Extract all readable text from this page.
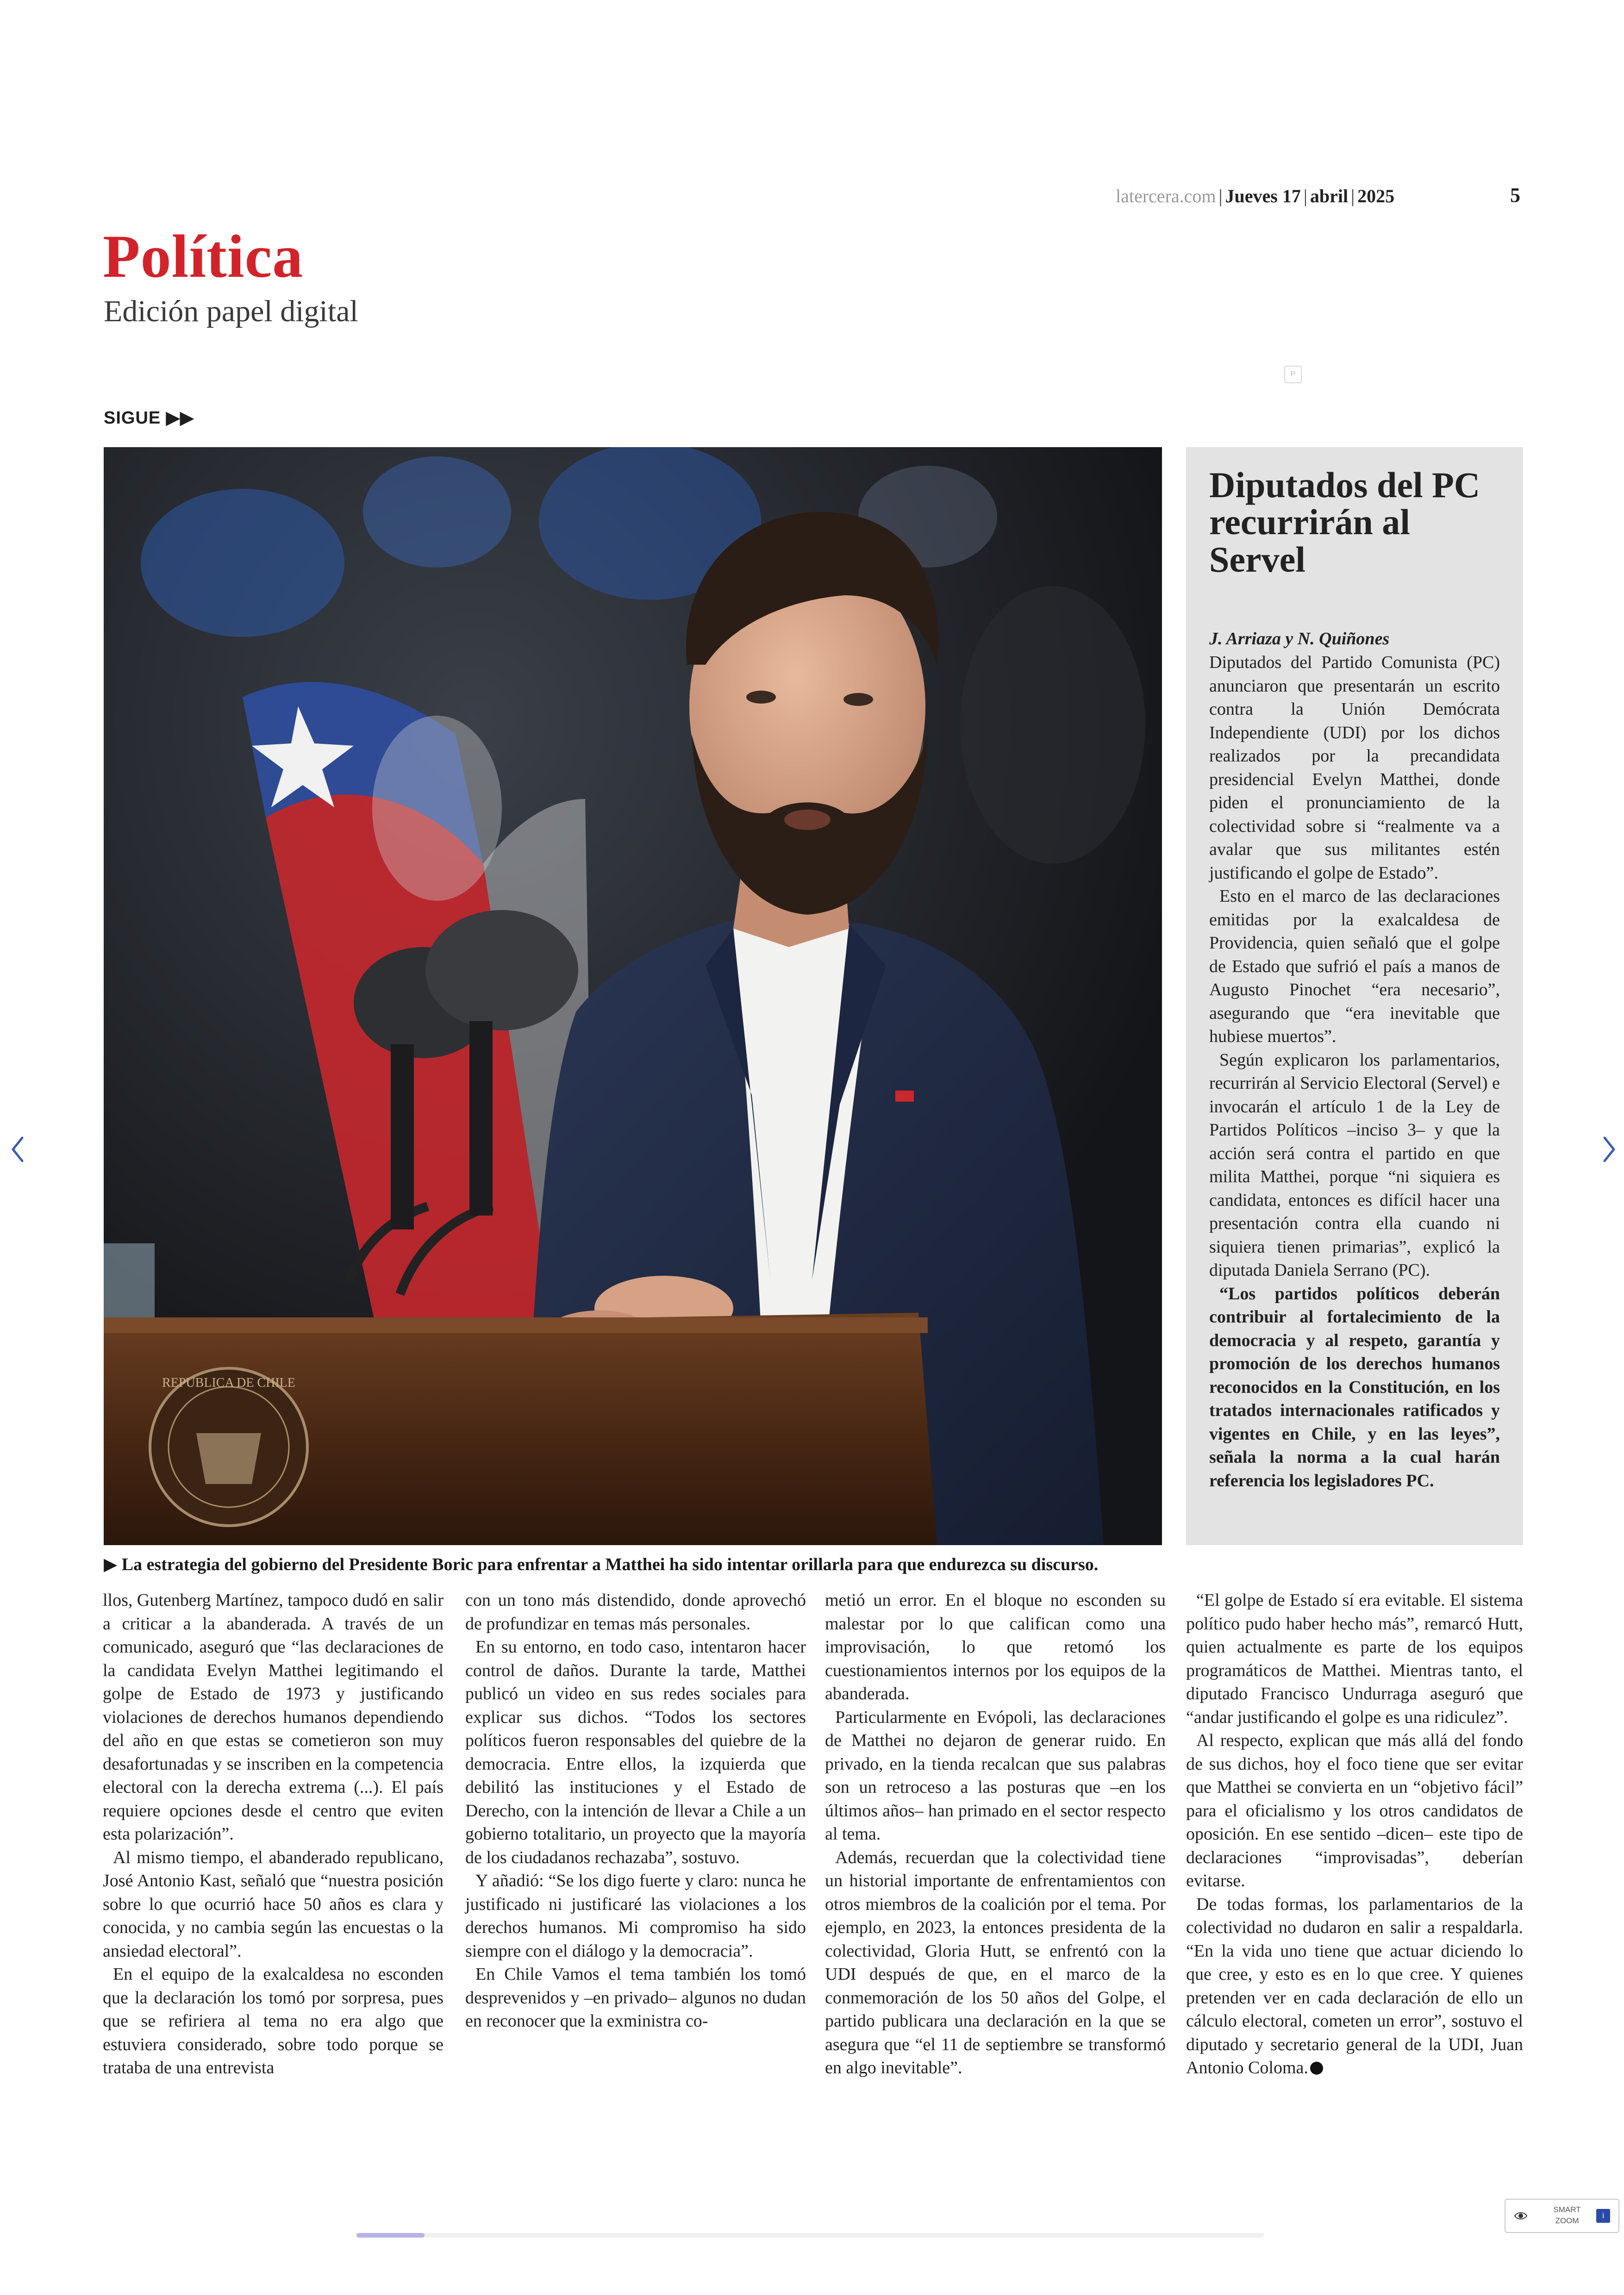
latercera.com | Jueves 17 | abril | 2025	5
Política
Edición papel digital
P
SIGUE ▶▶
REPUBLICA DE CHILE
▶ La estrategia del gobierno del Presidente Boric para enfrentar a Matthei ha sido intentar orillarla para que endurezca su discurso.
Diputados del PC recurrirán al Servel
J. Arriaza y N. Quiñones

Diputados del Partido Comunista (PC) anunciaron que presentarán un escrito contra la Unión Demócrata Independiente (UDI) por los dichos realizados por la precandidata presidencial Evelyn Matthei, donde piden el pronunciamiento de la colectividad sobre si “realmente va a avalar que sus militantes estén justificando el golpe de Estado”.

Esto en el marco de las declaraciones emitidas por la exalcaldesa de Providencia, quien señaló que el golpe de Estado que sufrió el país a manos de Augusto Pinochet “era necesario”, asegurando que “era inevitable que hubiese muertos”.

Según explicaron los parlamentarios, recurrirán al Servicio Electoral (Servel) e invocarán el artículo 1 de la Ley de Partidos Políticos –inciso 3– y que la acción será contra el partido en que milita Matthei, porque “ni siquiera es candidata, entonces es difícil hacer una presentación contra ella cuando ni siquiera tienen primarias”, explicó la diputada Daniela Serrano (PC).

“Los partidos políticos deberán contribuir al fortalecimiento de la democracia y al respeto, garantía y promoción de los derechos humanos reconocidos en la Constitución, en los tratados internacionales ratificados y vigentes en Chile, y en las leyes”, señala la norma a la cual harán referencia los legisladores PC.

llos, Gutenberg Martínez, tampoco dudó en salir a criticar a la abanderada. A través de un comunicado, aseguró que “las declaraciones de la candidata Evelyn Matthei legitimando el golpe de Estado de 1973 y justificando violaciones de derechos humanos dependiendo del año en que estas se cometieron son muy desafortunadas y se inscriben en la competencia electoral con la derecha extrema (...). El país requiere opciones desde el centro que eviten esta polarización”.

Al mismo tiempo, el abanderado republicano, José Antonio Kast, señaló que “nuestra posición sobre lo que ocurrió hace 50 años es clara y conocida, y no cambia según las encuestas o la ansiedad electoral”.

En el equipo de la exalcaldesa no esconden que la declaración los tomó por sorpresa, pues que se refiriera al tema no era algo que estuviera considerado, sobre todo porque se trataba de una entrevista

con un tono más distendido, donde aprovechó de profundizar en temas más personales.

En su entorno, en todo caso, intentaron hacer control de daños. Durante la tarde, Matthei publicó un video en sus redes sociales para explicar sus dichos. “Todos los sectores políticos fueron responsables del quiebre de la democracia. Entre ellos, la izquierda que debilitó las instituciones y el Estado de Derecho, con la intención de llevar a Chile a un gobierno totalitario, un proyecto que la mayoría de los ciudadanos rechazaba”, sostuvo.

Y añadió: “Se los digo fuerte y claro: nunca he justificado ni justificaré las violaciones a los derechos humanos. Mi compromiso ha sido siempre con el diálogo y la democracia”.

En Chile Vamos el tema también los tomó desprevenidos y –en privado– algunos no dudan en reconocer que la exministra co-

metió un error. En el bloque no esconden su malestar por lo que califican como una improvisación, lo que retomó los cuestionamientos internos por los equipos de la abanderada.

Particularmente en Evópoli, las declaraciones de Matthei no dejaron de generar ruido. En privado, en la tienda recalcan que sus palabras son un retroceso a las posturas que –en los últimos años– han primado en el sector respecto al tema.

Además, recuerdan que la colectividad tiene un historial importante de enfrentamientos con otros miembros de la coalición por el tema. Por ejemplo, en 2023, la entonces presidenta de la colectividad, Gloria Hutt, se enfrentó con la UDI después de que, en el marco de la conmemoración de los 50 años del Golpe, el partido publicara una declaración en la que se asegura que “el 11 de septiembre se transformó en algo inevitable”.

“El golpe de Estado sí era evitable. El sistema político pudo haber hecho más”, remarcó Hutt, quien actualmente es parte de los equipos programáticos de Matthei. Mientras tanto, el diputado Francisco Undurraga aseguró que “andar justificando el golpe es una ridiculez”.

Al respecto, explican que más allá del fondo de sus dichos, hoy el foco tiene que ser evitar que Matthei se convierta en un “objetivo fácil” para el oficialismo y los otros candidatos de oposición. En ese sentido –dicen– este tipo de declaraciones “improvisadas”, deberían evitarse.

De todas formas, los parlamentarios de la colectividad no dudaron en salir a respaldarla. “En la vida uno tiene que actuar diciendo lo que cree, y esto es en lo que cree. Y quienes pretenden ver en cada declaración de ello un cálculo electoral, cometen un error”, sostuvo el diputado y secretario general de la UDI, Juan Antonio Coloma.

SMART
ZOOM
i
